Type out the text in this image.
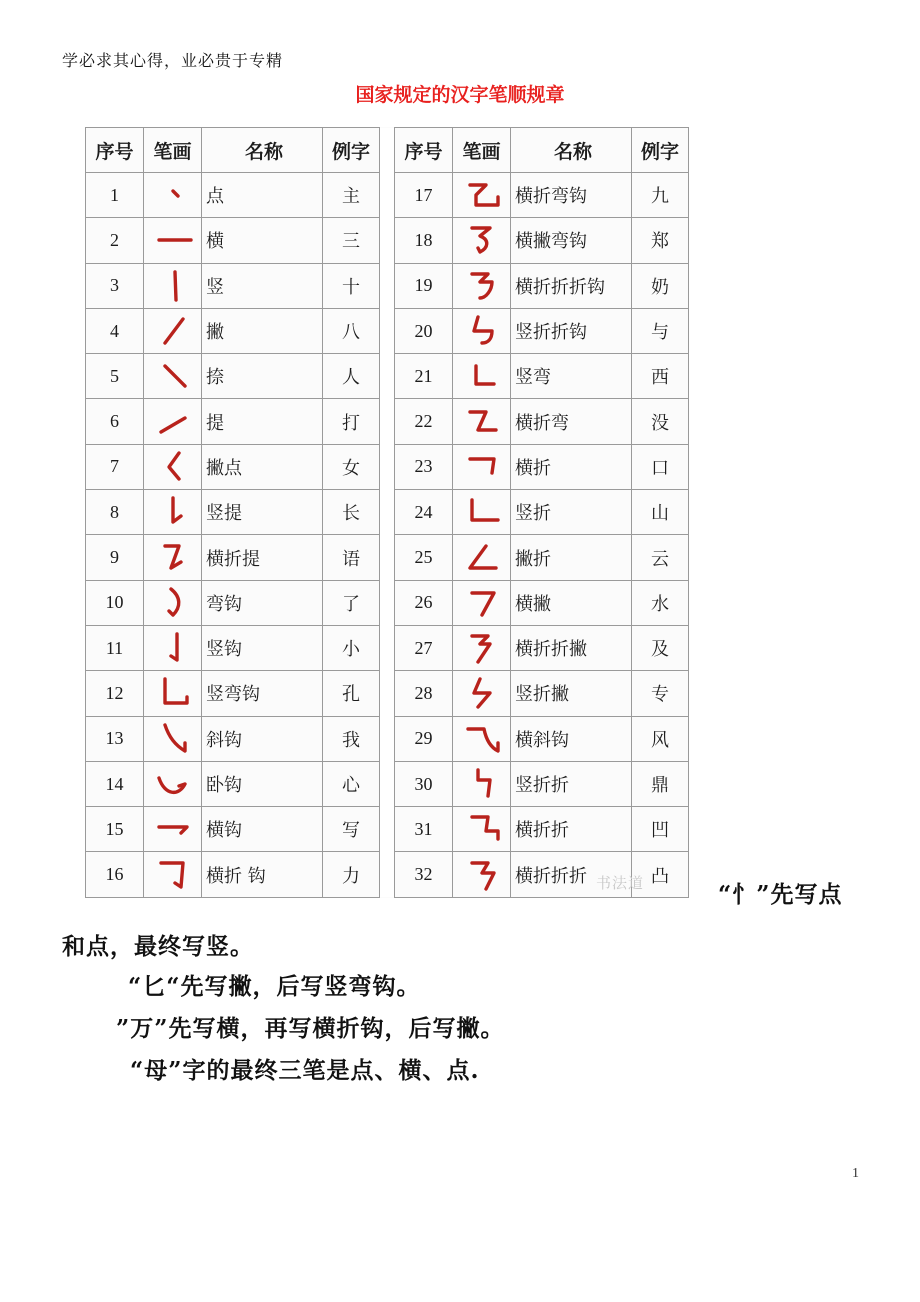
学必求其心得，业必贵于专精
国家规定的汉字笔顺规章
序号	笔画	名称	例字		序号	笔画	名称	例字
1		点	主		17		横折弯钩	九
2		横	三		18		横撇弯钩	郑
3		竖	十		19		横折折折钩	奶
4		撇	八		20		竖折折钩	与
5		捺	人		21		竖弯	西
6		提	打		22		横折弯	没
7		撇点	女		23		横折	口
8		竖提	长		24		竖折	山
9		横折提	语		25		撇折	云
10		弯钩	了		26		横撇	水
11		竖钩	小		27		横折折撇	及
12		竖弯钩	孔		28		竖折撇	专
13		斜钩	我		29		横斜钩	风
14		卧钩	心		30		竖折折	鼎
15		横钩	写		31		横折折	凹
16		横折 钩	力		32		横折折折	凸
书法道	“忄”先写点
和点，最终写竖。
“匕“先写撇，后写竖弯钩。
”万”先写横，再写横折钩，后写撇。
“母”字的最终三笔是点、横、点.
1
